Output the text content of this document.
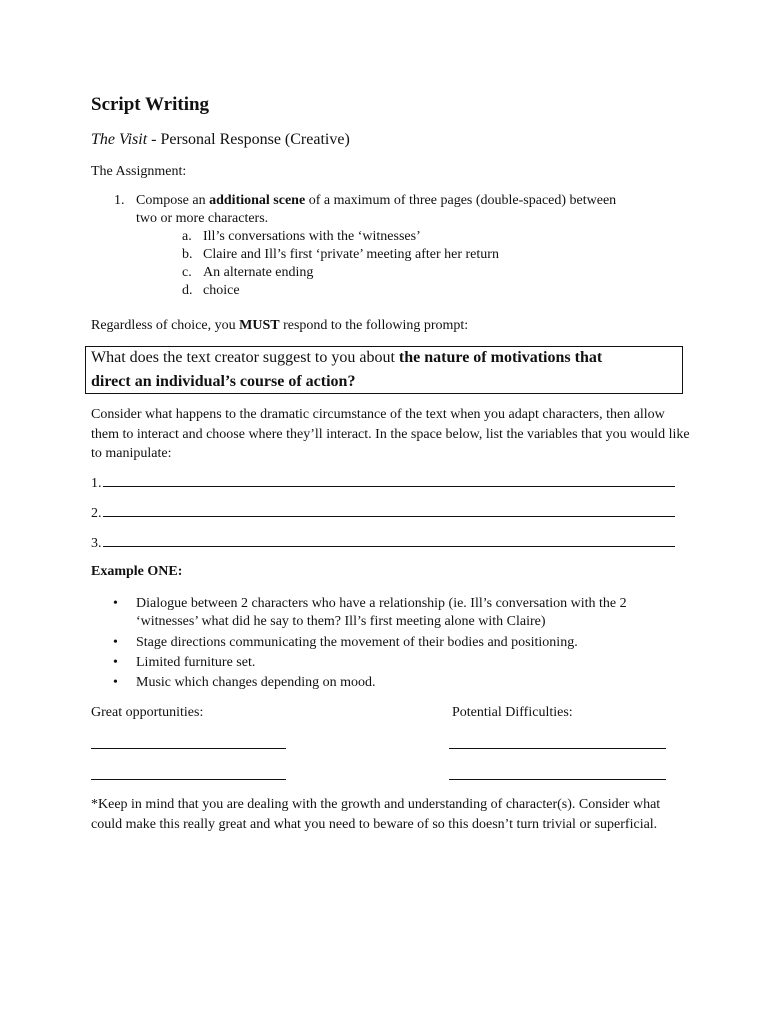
Script Writing
The Visit - Personal Response (Creative)
The Assignment:
1. Compose an additional scene of a maximum of three pages (double-spaced) between
two or more characters.
a. Ill’s conversations with the ‘witnesses’
b. Claire and Ill’s first ‘private’ meeting after her return
c. An alternate ending
d. choice
Regardless of choice, you MUST respond to the following prompt:
What does the text creator suggest to you about the nature of motivations that
direct an individual’s course of action?
Consider what happens to the dramatic circumstance of the text when you adapt characters, then allow them to interact and choose where they’ll interact. In the space below, list the variables that you would like to manipulate:
1.
2.
3.
Example ONE:
• Dialogue between 2 characters who have a relationship (ie. Ill’s conversation with the 2
‘witnesses’ what did he say to them? Ill’s first meeting alone with Claire)
• Stage directions communicating the movement of their bodies and positioning.
• Limited furniture set.
• Music which changes depending on mood.
Great opportunities:	Potential Difficulties:
*Keep in mind that you are dealing with the growth and understanding of character(s). Consider what could make this really great and what you need to beware of so this doesn’t turn trivial or superficial.
